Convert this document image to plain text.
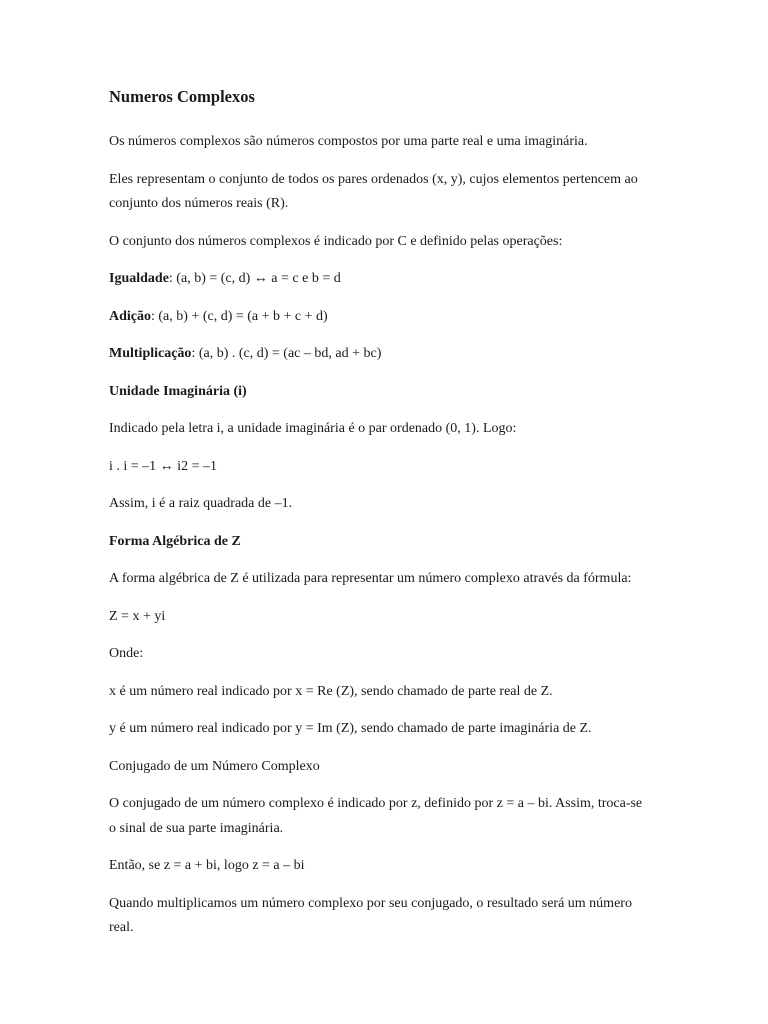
Numeros Complexos

Os números complexos são números compostos por uma parte real e uma imaginária.

Eles representam o conjunto de todos os pares ordenados (x, y), cujos elementos pertencem ao conjunto dos números reais (R).

O conjunto dos números complexos é indicado por C e definido pelas operações:

Igualdade: (a, b) = (c, d) ↔ a = c e b = d

Adição: (a, b) + (c, d) = (a + b + c + d)

Multiplicação: (a, b) . (c, d) = (ac – bd, ad + bc)

Unidade Imaginária (i)

Indicado pela letra i, a unidade imaginária é o par ordenado (0, 1). Logo:

i . i = –1 ↔ i2 = –1

Assim, i é a raiz quadrada de –1.

Forma Algébrica de Z

A forma algébrica de Z é utilizada para representar um número complexo através da fórmula:

Z = x + yi

Onde:

x é um número real indicado por x = Re (Z), sendo chamado de parte real de Z.

y é um número real indicado por y = Im (Z), sendo chamado de parte imaginária de Z.

Conjugado de um Número Complexo

O conjugado de um número complexo é indicado por z, definido por z = a – bi. Assim, troca-se o sinal de sua parte imaginária.

Então, se z = a + bi, logo z = a – bi

Quando multiplicamos um número complexo por seu conjugado, o resultado será um número real.
